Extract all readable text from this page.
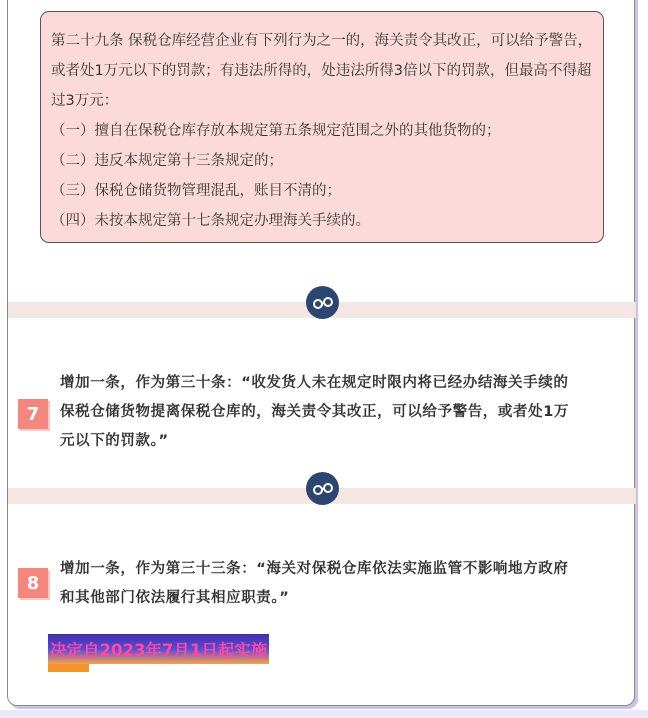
第二十九条 保税仓库经营企业有下列行为之一的，海关责令其改正，可以给予警告，或者处1万元以下的罚款；有违法所得的，处违法所得3倍以下的罚款，但最高不得超过3万元：

（一）擅自在保税仓库存放本规定第五条规定范围之外的其他货物的；

（二）违反本规定第十三条规定的；

（三）保税仓储货物管理混乱，账目不清的；

（四）未按本规定第十七条规定办理海关手续的。

7
增加一条，作为第三十条：“收发货人未在规定时限内将已经办结海关手续的保税仓储货物提离保税仓库的，海关责令其改正，可以给予警告，或者处1万元以下的罚款。”
8
增加一条，作为第三十三条：“海关对保税仓库依法实施监管不影响地方政府和其他部门依法履行其相应职责。”
决定自2023年7月1日起实施
